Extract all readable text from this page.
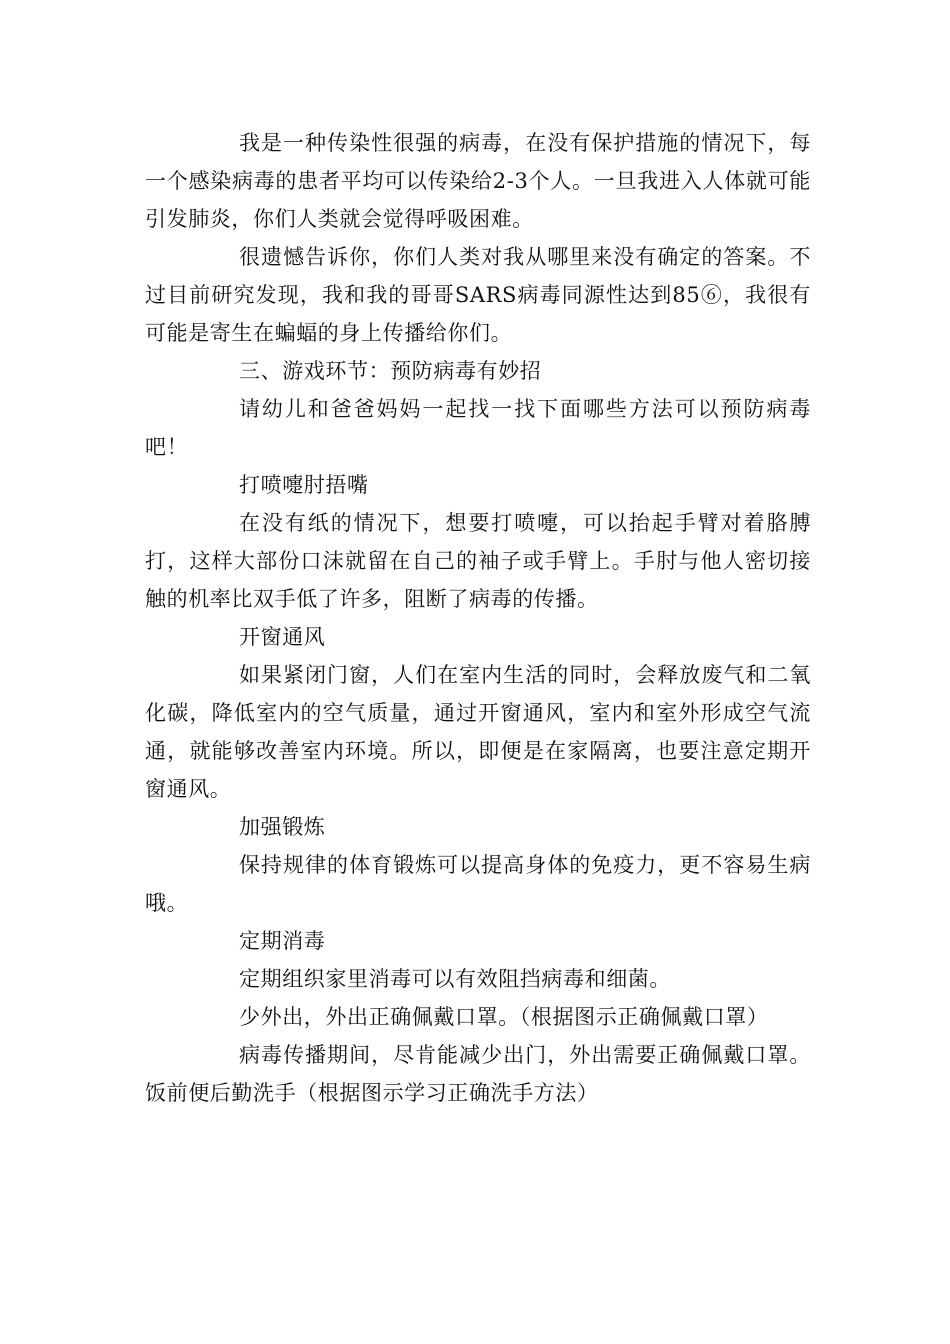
我是一种传染性很强的病毒，在没有保护措施的情况下，每一个感染病毒的患者平均可以传染给2-3个人。一旦我进入人体就可能引发肺炎，你们人类就会觉得呼吸困难。

很遗憾告诉你，你们人类对我从哪里来没有确定的答案。不过目前研究发现，我和我的哥哥SARS病毒同源性达到85⑥，我很有可能是寄生在蝙蝠的身上传播给你们。

三、游戏环节：预防病毒有妙招

请幼儿和爸爸妈妈一起找一找下面哪些方法可以预防病毒吧！

打喷嚏肘捂嘴

在没有纸的情况下，想要打喷嚏，可以抬起手臂对着胳膊打，这样大部份口沫就留在自己的袖子或手臂上。手肘与他人密切接触的机率比双手低了许多，阻断了病毒的传播。

开窗通风

如果紧闭门窗，人们在室内生活的同时，会释放废气和二氧化碳，降低室内的空气质量，通过开窗通风，室内和室外形成空气流通，就能够改善室内环境。所以，即便是在家隔离，也要注意定期开窗通风。

加强锻炼

保持规律的体育锻炼可以提高身体的免疫力，更不容易生病哦。

定期消毒

定期组织家里消毒可以有效阻挡病毒和细菌。

少外出，外出正确佩戴口罩。（根据图示正确佩戴口罩）

病毒传播期间，尽肯能减少出门，外出需要正确佩戴口罩。饭前便后勤洗手（根据图示学习正确洗手方法）
